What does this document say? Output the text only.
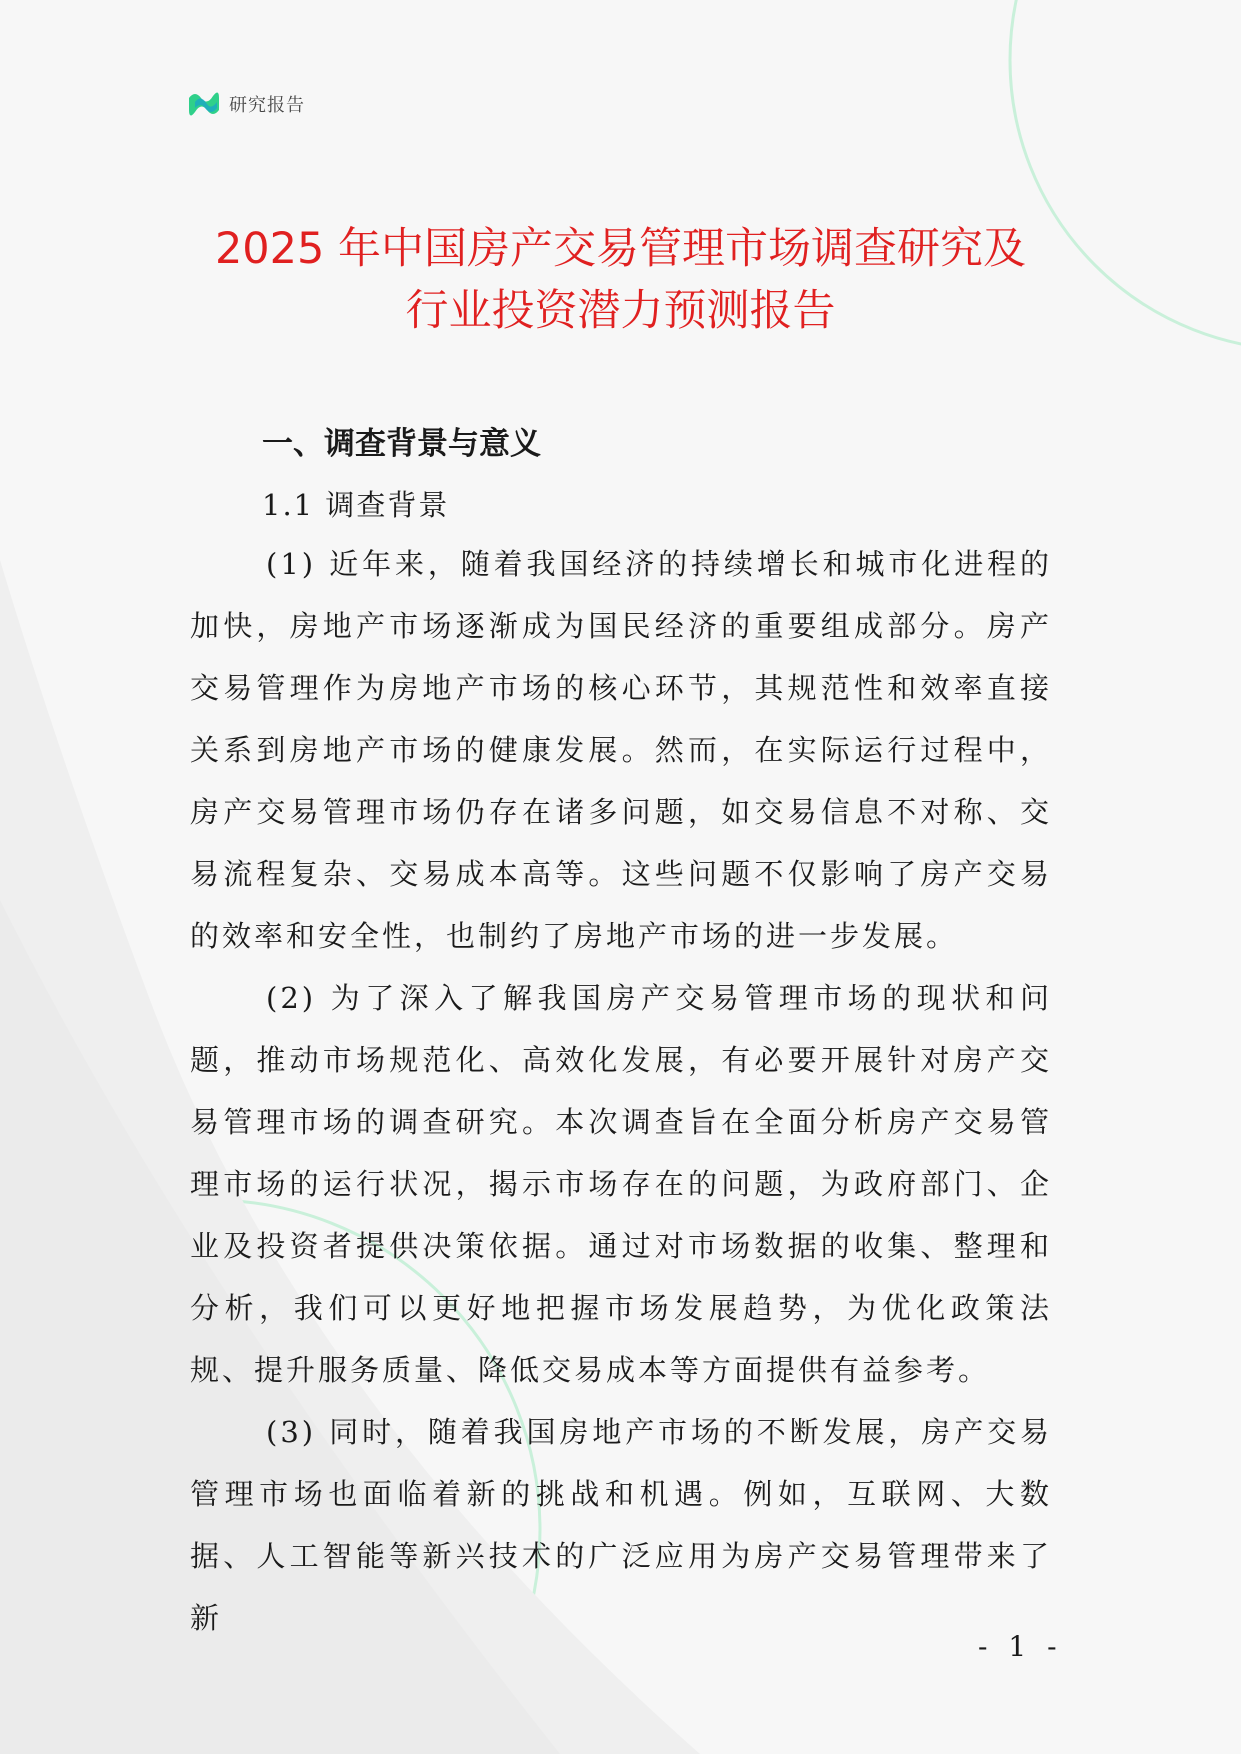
研究报告
2025 年中国房产交易管理市场调查研究及
行业投资潜力预测报告
一、调查背景与意义
1.1 调查背景

(1) 近年来，随着我国经济的持续增长和城市化进程的加快，房地产市场逐渐成为国民经济的重要组成部分。房产交易管理作为房地产市场的核心环节，其规范性和效率直接关系到房地产市场的健康发展。然而，在实际运行过程中，房产交易管理市场仍存在诸多问题，如交易信息不对称、交易流程复杂、交易成本高等。这些问题不仅影响了房产交易的效率和安全性，也制约了房地产市场的进一步发展。

(2) 为了深入了解我国房产交易管理市场的现状和问题，推动市场规范化、高效化发展，有必要开展针对房产交易管理市场的调查研究。本次调查旨在全面分析房产交易管理市场的运行状况，揭示市场存在的问题，为政府部门、企业及投资者提供决策依据。通过对市场数据的收集、整理和分析，我们可以更好地把握市场发展趋势，为优化政策法规、提升服务质量、降低交易成本等方面提供有益参考。

(3) 同时，随着我国房地产市场的不断发展，房产交易管理市场也面临着新的挑战和机遇。例如，互联网、大数据、人工智能等新兴技术的广泛应用为房产交易管理带来了新

- 1 -
